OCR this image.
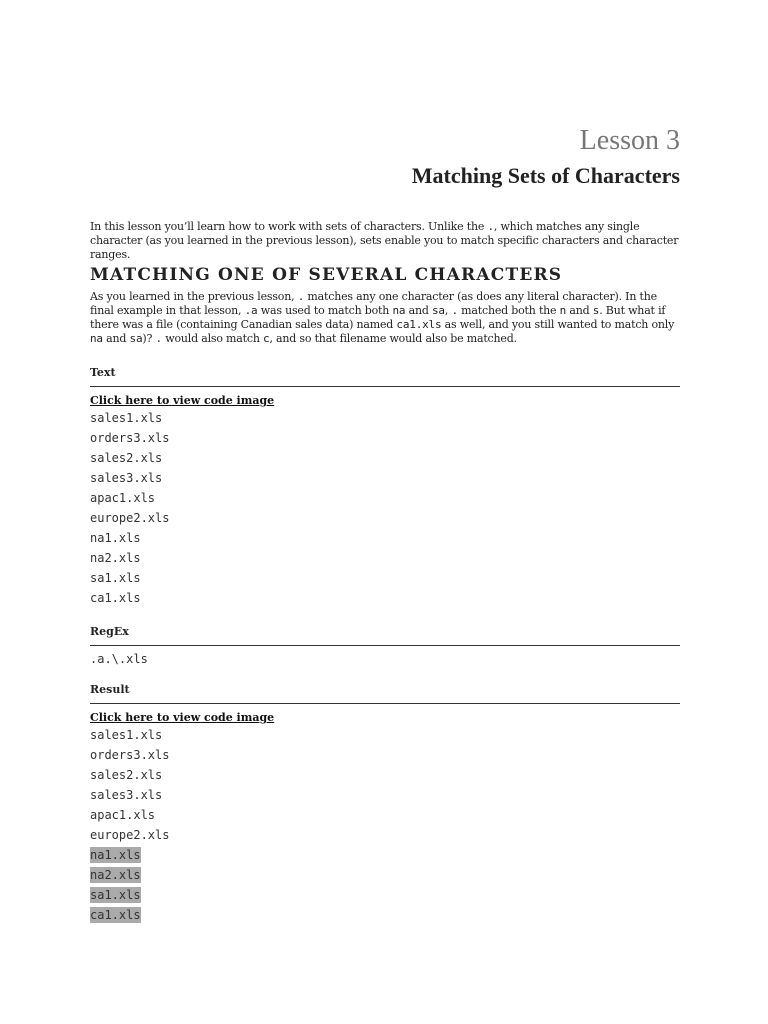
Lesson 3
Matching Sets of Characters

In this lesson you’ll learn how to work with sets of characters. Unlike the ., which matches any single character (as you learned in the previous lesson), sets enable you to match specific characters and character ranges.

MATCHING ONE OF SEVERAL CHARACTERS

As you learned in the previous lesson, . matches any one character (as does any literal character). In the final example in that lesson, .a was used to match both na and sa, . matched both the n and s. But what if there was a file (containing Canadian sales data) named ca1.xls as well, and you still wanted to match only na and sa)? . would also match c, and so that filename would also be matched.

Text

Click here to view code image
sales1.xls
orders3.xls
sales2.xls
sales3.xls
apac1.xls
europe2.xls
na1.xls
na2.xls
sa1.xls
ca1.xls

RegEx

.a.\.xls

Result

Click here to view code image
sales1.xls
orders3.xls
sales2.xls
sales3.xls
apac1.xls
europe2.xls
na1.xls
na2.xls
sa1.xls
ca1.xls
